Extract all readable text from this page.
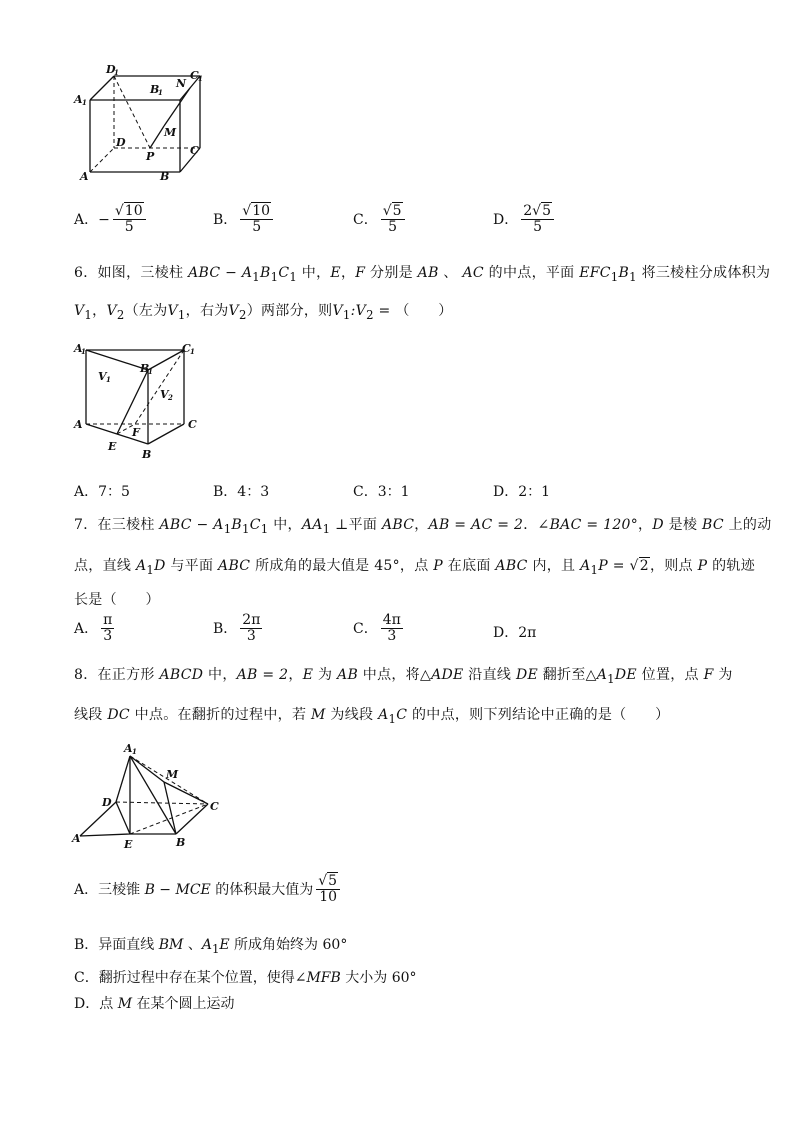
D
1	C 1
A 1
B
1
N
M
D
P	C
A	B
A．− $\frac{√10}{5}$	B． $\frac{√10}{5}$	C． $\frac{√5}{5}$	D． $\frac{2√5}{5}$
6．如图，三棱柱 ABC − $A_1B_1C_1$ 中，E，F 分别是 AB 、 AC 的中点，平面 $EFC_1B_1$ 将三棱柱分成体积为
$V_1$，$V_2$（左为$V_1$，右为$V_2$）两部分，则$V_1:V_2$ = （　　）
A
1	C 1
B
1
V 1
V 2
A	C
E
F
B
A．7：5	B．4：3	C．3：1	D．2：1
7．在三棱柱 ABC − $A_1B_1C_1$ 中，$AA_1$ ⊥平面 ABC，AB = AC = 2．∠BAC = 120°，D 是棱 BC 上的动
点，直线 $A_1D$ 与平面 ABC 所成角的最大值是 45°，点 P 在底面 ABC 内，且 $A_1P = √2$，则点 P 的轨迹
长是（　　）
A． $\frac{\pi}{3}$	B． $\frac{2\pi}{3}$	C． $\frac{4\pi}{3}$	D．2π
8．在正方形 ABCD 中，AB = 2，E 为 AB 中点，将△ADE 沿直线 DE 翻折至$\triangle A_1DE$ 位置，点 F 为
线段 DC 中点。在翻折的过程中，若 M 为线段 $A_1C$ 的中点，则下列结论中正确的是（　　）
A 1
M
D	C
A	E	B
A．三棱锥 B − MCE 的体积最大值为 $\frac{√5}{10}$
B．异面直线 BM 、$A_1E$ 所成角始终为 60°
C．翻折过程中存在某个位置，使得∠MFB 大小为 60°
D．点 M 在某个圆上运动
